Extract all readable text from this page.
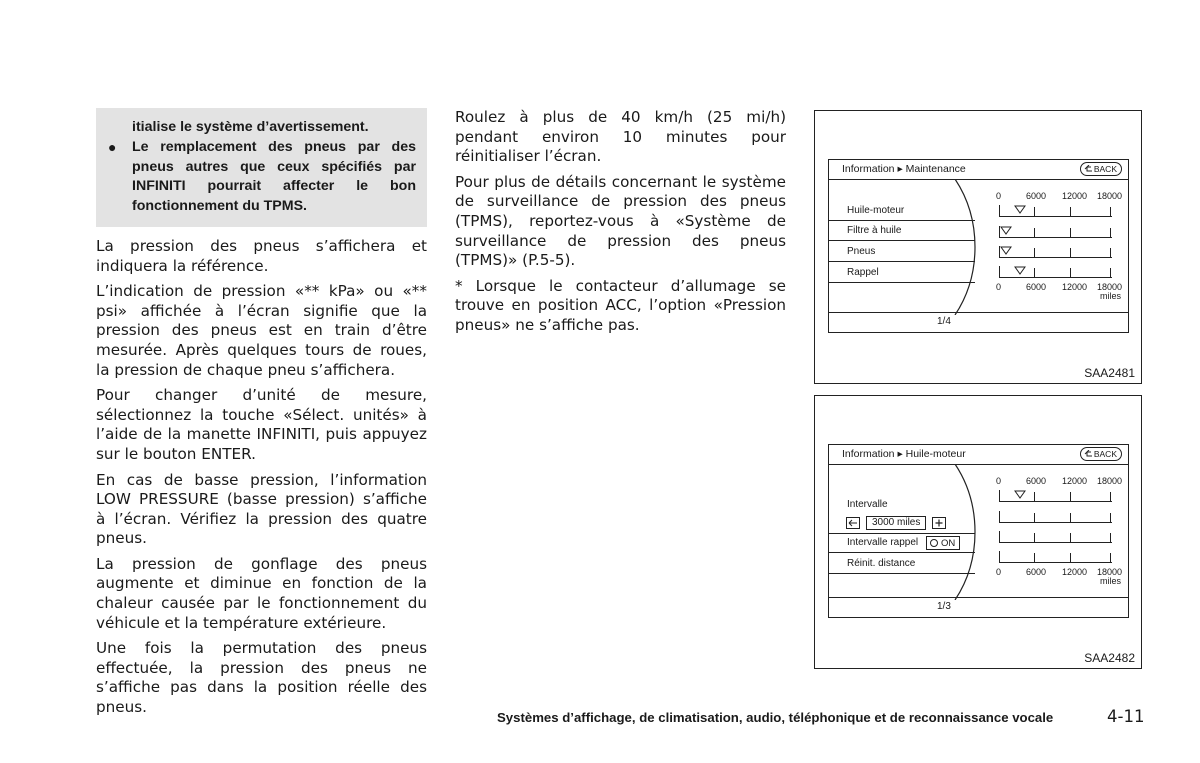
itialise le système d’avertissement.
●	Le remplacement des pneus par des pneus autres que ceux spécifiés par INFINITI pourrait affecter le bon fonctionnement du TPMS.

La pression des pneus s’affichera et indiquera la référence.

L’indication de pression «** kPa» ou «** psi» affichée à l’écran signifie que la pression des pneus est en train d’être mesurée. Après quelques tours de roues, la pression de chaque pneu s’affichera.

Pour changer d’unité de mesure, sélectionnez la touche «Sélect. unités» à l’aide de la manette INFINITI, puis appuyez sur le bouton ENTER.

En cas de basse pression, l’information LOW PRESSURE (basse pression) s’affiche à l’écran. Vérifiez la pression des quatre pneus.

La pression de gonflage des pneus augmente et diminue en fonction de la chaleur causée par le fonctionnement du véhicule et la température extérieure.

Une fois la permutation des pneus effectuée, la pression des pneus ne s’affiche pas dans la position réelle des pneus.

Roulez à plus de 40 km/h (25 mi/h) pendant environ 10 minutes pour réinitialiser l’écran.

Pour plus de détails concernant le système de surveillance de pression des pneus (TPMS), reportez-vous à «Système de surveillance de pression des pneus (TPMS)» (P.5-5).

* Lorsque le contacteur d’allumage se trouve en position ACC, l’option «Pression pneus» ne s’affiche pas.

Information ▸ Maintenance	BACK
Huile-moteur
Filtre à huile
Pneus
Rappel
0	6000 12000 18000
0	6000 12000 18000
miles
1/4
SAA2481
Information ▸ Huile-moteur	BACK
Intervalle
Intervalle rappel ON
Réinit. distance
3000 miles
0	6000 12000 18000
0	6000 12000 18000
miles
1/3
SAA2482
Systèmes d’affichage, de climatisation, audio, téléphonique et de reconnaissance vocale	4-11
